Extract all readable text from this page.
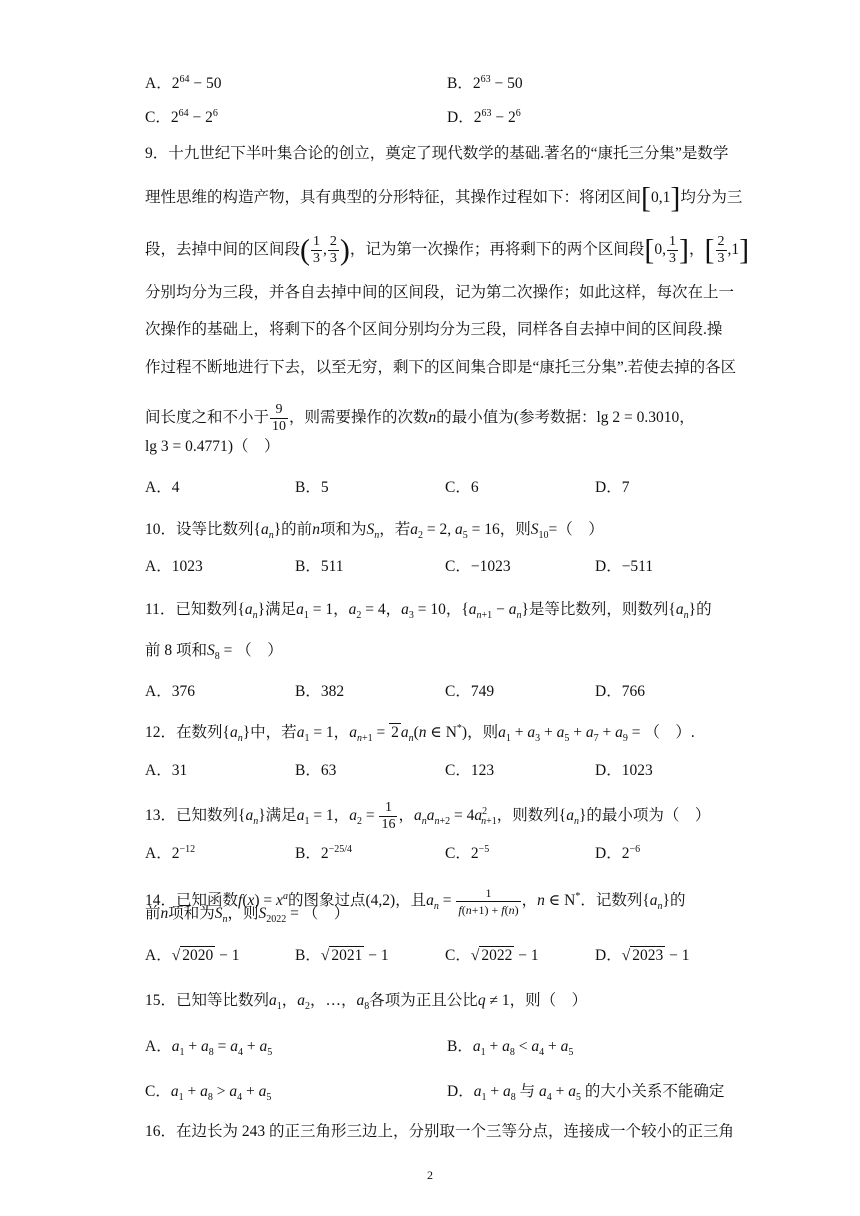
A．$2^{64} - 50$	B．$2^{63} - 50$
C．$2^{64} - 2^6$	D．$2^{63} - 2^6$
9．十九世纪下半叶集合论的创立，奠定了现代数学的基础.著名的“康托三分集”是数学
理性思维的构造产物，具有典型的分形特征，其操作过程如下：将闭区间[0,1]均分为三
段，去掉中间的区间段( $\frac{1}{3}$ , $\frac{2}{3}$ )，记为第一次操作；再将剩下的两个区间段[0, $\frac{1}{3}$ ]，[ $\frac{2}{3} ,1$]
分别均分为三段，并各自去掉中间的区间段，记为第二次操作；如此这样，每次在上一
次操作的基础上，将剩下的各个区间分别均分为三段，同样各自去掉中间的区间段.操
作过程不断地进行下去，以至无穷，剩下的区间集合即是“康托三分集”.若使去掉的各区
间长度之和不小于 $\frac{9}{10}$ ，则需要操作的次数n的最小值为(参考数据：lg 2 = 0.3010，
lg 3 = 0.4771)（　）
A．4	B．5	C．6	D．7
10．设等比数列$\{a_n\}$的前n项和为$S_n$，若$a_2 = 2$, $a_5 = 16$，则$S_{10}=$（　）
A．1023	B．511	C．−1023	D．−511
11．已知数列$\{a_n\}$满足$a_1 = 1$，$a_2 = 4$，$a_3 = 10$，$\{a_{n+1} - a_n\}$是等比数列，则数列$\{a_n\}$的
前 8 项和$S_8$ = （　）
A．376	B．382	C．749	D．766
12．在数列$\{a_n\}$中，若$a_1 = 1$，$a_{n+1} = 2$ $a_n(n$ ∈ N*)，则$a_1 + a_3 + a_5 + a_7 + a_9$ = （　）.
A．31	B．63	C．123	D．1023
13．已知数列$\{a_n\}$满足$a_1 = 1$，$a_2 = \frac{1}{16}$ ，$a_na_{n+2} = 4a^2_{n+1}$，则数列$\{a_n\}$的最小项为（　）
A．$2^{-12}$	B．$2^{-25/4}$	C．$2^{-5}$	D．$2^{-6}$
14．已知函数$f(x) = x^a$的图象过点(4,2)，且$a_n = \frac{1}{f(n+1) + f(n)}$ ，n ∈ N*．记数列$\{a_n\}$的
前n项和为$S_n$，则$S_{2022}$ = （　）
A．√ 2020 − 1	B．√ 2021 − 1	C．√ 2022 − 1	D．√ 2023 − 1
15．已知等比数列$a_1$，$a_2$，…，$a_8$各项为正且公比q ≠ 1，则（　）
A．$a_1 + a_8 = a_4 + a_5$	B．$a_1 + a_8 < a_4 + a_5$
C．$a_1 + a_8 > a_4 + a_5$	D．$a_1 + a_8$ 与 $a_4 + a_5$ 的大小关系不能确定
16．在边长为 243 的正三角形三边上，分别取一个三等分点，连接成一个较小的正三角
2
